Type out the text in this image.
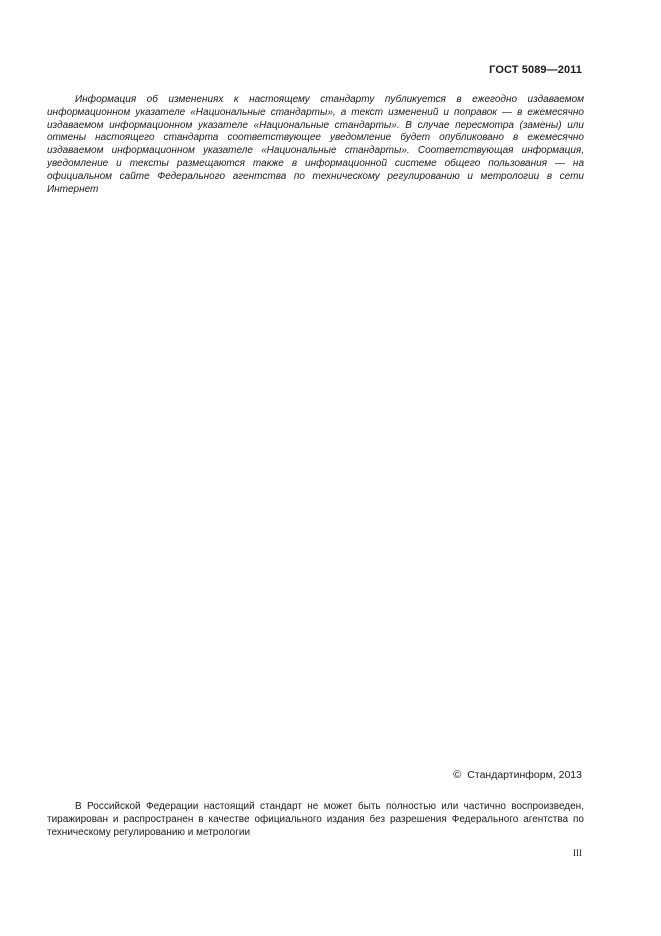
ГОСТ 5089—2011

Информация об изменениях к настоящему стандарту публикуется в ежегодно издаваемом информационном указателе «Национальные стандарты», а текст изменений и поправок — в ежемесячно издаваемом информационном указателе «Национальные стандарты». В случае пересмотра (замены) или отмены настоящего стандарта соответствующее уведомление будет опубликовано в ежемесячно издаваемом информационном указателе «Национальные стандарты». Соответствующая информация, уведомление и тексты размещаются также в информационной системе общего пользования — на официальном сайте Федерального агентства по техническому регулированию и метрологии в сети Интернет

© Стандартинформ, 2013

В Российской Федерации настоящий стандарт не может быть полностью или частично воспроизведен, тиражирован и распространен в качестве официального издания без разрешения Федерального агентства по техническому регулированию и метрологии

III
